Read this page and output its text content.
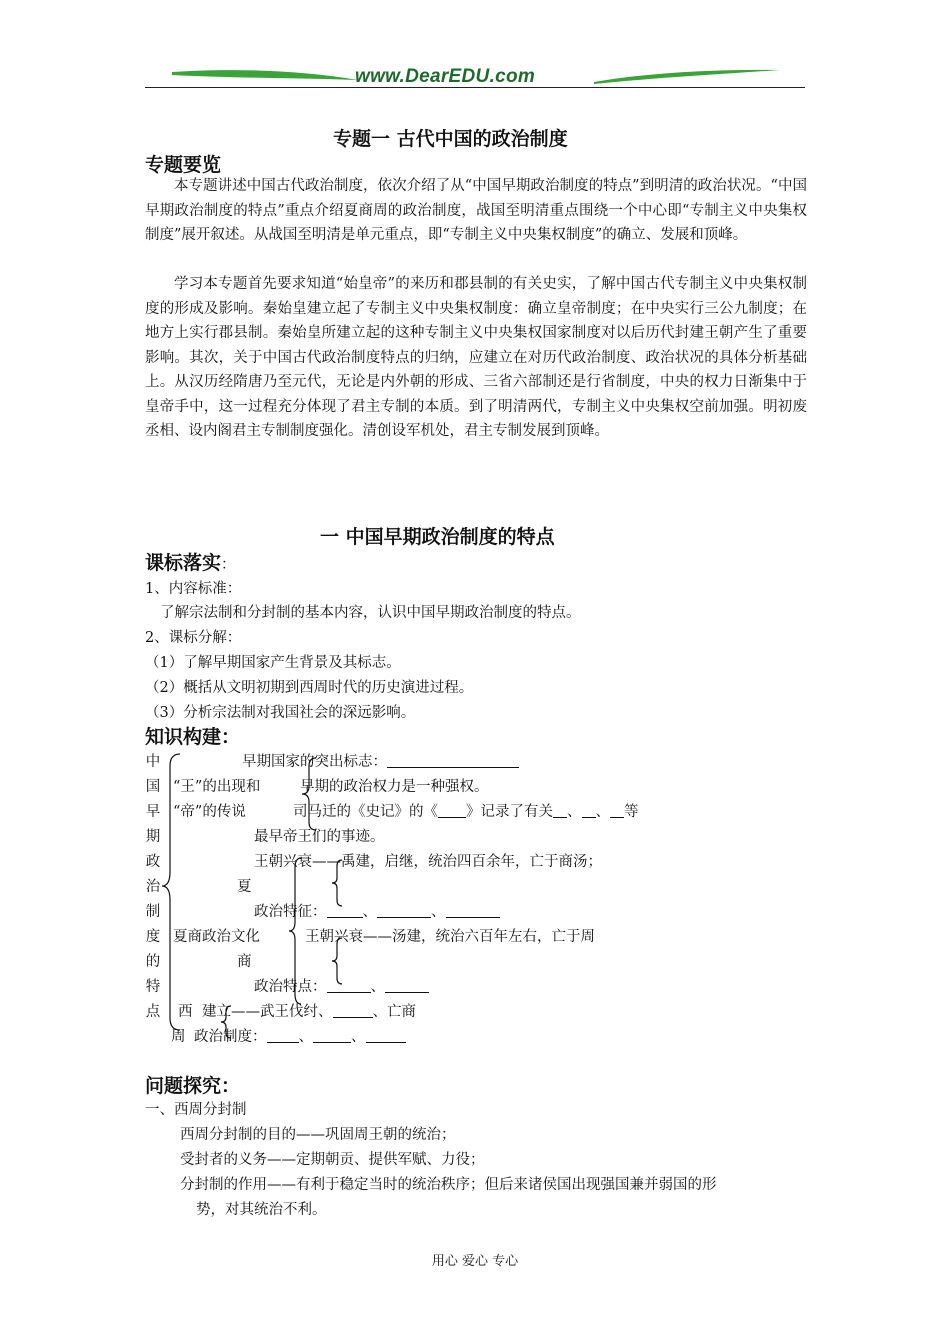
www.DearEDU.com
专题一 古代中国的政治制度
专题要览
本专题讲述中国古代政治制度，依次介绍了从“中国早期政治制度的特点”到明清的政治状况。“中国早期政治制度的特点”重点介绍夏商周的政治制度，战国至明清重点围绕一个中心即“专制主义中央集权制度”展开叙述。从战国至明清是单元重点，即“专制主义中央集权制度”的确立、发展和顶峰。
学习本专题首先要求知道“始皇帝”的来历和郡县制的有关史实，了解中国古代专制主义中央集权制度的形成及影响。秦始皇建立起了专制主义中央集权制度：确立皇帝制度；在中央实行三公九制度；在地方上实行郡县制。秦始皇所建立起的这种专制主义中央集权国家制度对以后历代封建王朝产生了重要影响。其次，关于中国古代政治制度特点的归纳，应建立在对历代政治制度、政治状况的具体分析基础上。从汉历经隋唐乃至元代，无论是内外朝的形成、三省六部制还是行省制度，中央的权力日渐集中于皇帝手中，这一过程充分体现了君主专制的本质。到了明清两代，专制主义中央集权空前加强。明初废丞相、设内阁君主专制制度强化。清创设军机处，君主专制发展到顶峰。
一 中国早期政治制度的特点
课标落实：
1、内容标准：
了解宗法制和分封制的基本内容，认识中国早期政治制度的特点。
2、课标分解：
（1）了解早期国家产生背景及其标志。
（2）概括从文明初期到西周时代的历史演进过程。
（3）分析宗法制对我国社会的深远影响。
知识构建：
中
国
早
期
政
治
制
度
的
特
点
早期国家的突出标志：
“王”的出现和	早期的政治权力是一种强权。
“帝”的传说	司马迁的《史记》的《 》记录了有关 、 、 等
最早帝王们的事迹。
王朝兴衰——禹建，启继，统治四百余年，亡于商汤；
夏
政治特征： 、	、
夏商政治文化	王朝兴衰——汤建，统治六百年左右，亡于周
商
政治特点：	、
西 建立——武王伐纣、	、亡商
周 政治制度： 、	、
问题探究：
一、西周分封制
西周分封制的目的——巩固周王朝的统治；
受封者的义务——定期朝贡、提供军赋、力役；
分封制的作用——有利于稳定当时的统治秩序；但后来诸侯国出现强国兼并弱国的形
势，对其统治不利。
用心 爱心 专心
